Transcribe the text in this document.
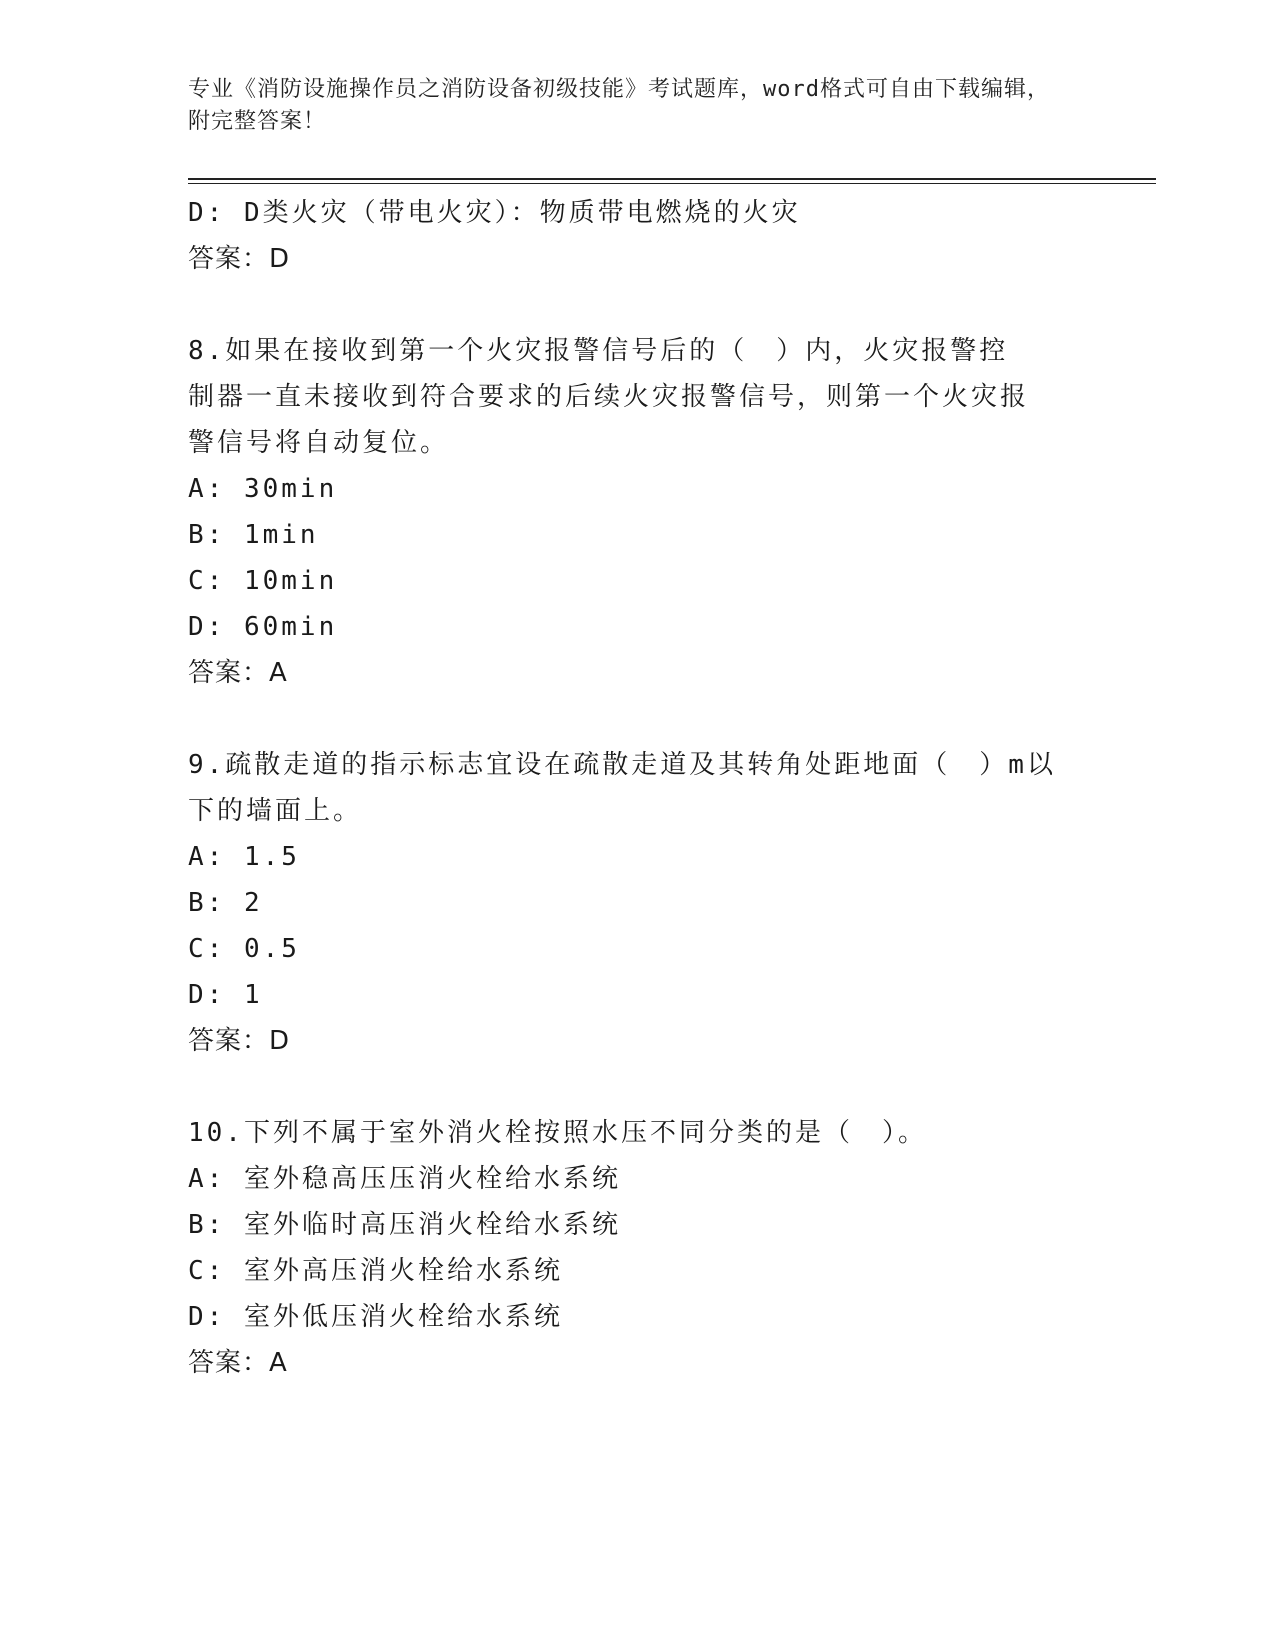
专业《消防设施操作员之消防设备初级技能》考试题库，word格式可自由下载编辑，附完整答案！
D: D类火灾（带电火灾）：物质带电燃烧的火灾
答案：D
8.如果在接收到第一个火灾报警信号后的（　）内，火灾报警控制器一直未接收到符合要求的后续火灾报警信号，则第一个火灾报警信号将自动复位。
A: 30min
B: 1min
C: 10min
D: 60min
答案：A
9.疏散走道的指示标志宜设在疏散走道及其转角处距地面（　）m以下的墙面上。
A: 1.5
B: 2
C: 0.5
D: 1
答案：D
10.下列不属于室外消火栓按照水压不同分类的是（　）。
A: 室外稳高压压消火栓给水系统
B: 室外临时高压消火栓给水系统
C: 室外高压消火栓给水系统
D: 室外低压消火栓给水系统
答案：A
